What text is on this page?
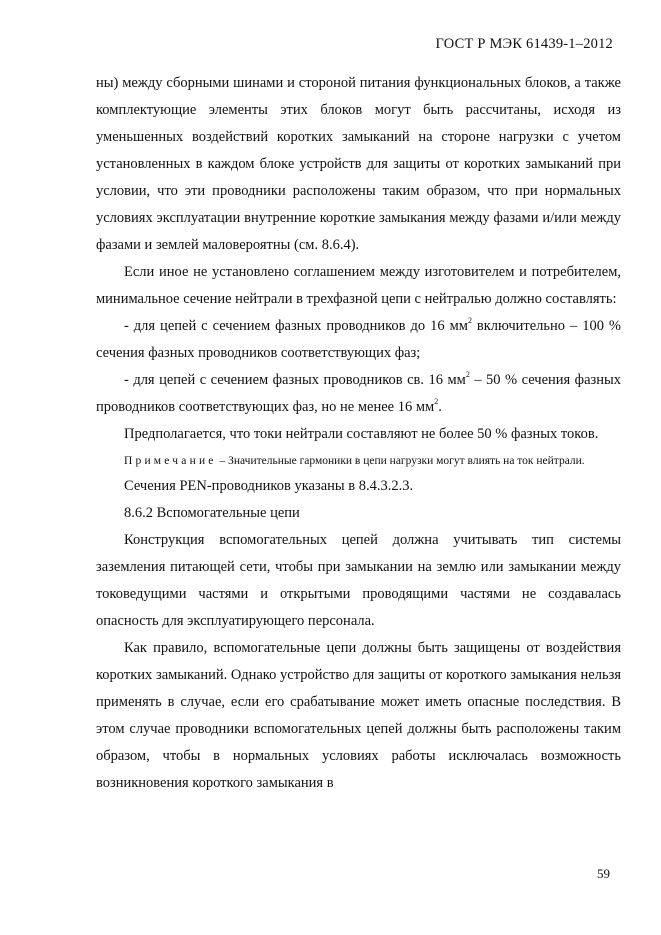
ГОСТ Р МЭК 61439-1–2012

ны) между сборными шинами и стороной питания функциональных блоков, а также комплектующие элементы этих блоков могут быть рассчитаны, исходя из уменьшенных воздействий коротких замыканий на стороне нагрузки с учетом установленных в каждом блоке устройств для защиты от коротких замыканий при условии, что эти проводники расположены таким образом, что при нормальных условиях эксплуатации внутренние короткие замыкания между фазами и/или между фазами и землей маловероятны (см. 8.6.4).

Если иное не установлено соглашением между изготовителем и потребителем, минимальное сечение нейтрали в трехфазной цепи с нейтралью должно составлять:

- для цепей с сечением фазных проводников до 16 $мм^2$ включительно – 100 % сечения фазных проводников соответствующих фаз;

- для цепей с сечением фазных проводников св. 16 $мм^2 - 50$ % сечения фазных проводников соответствующих фаз, но не менее 16 $мм^2$.

Предполагается, что токи нейтрали составляют не более 50 % фазных токов.

Примечание – Значительные гармоники в цепи нагрузки могут влиять на ток нейтрали.

Сечения PEN-проводников указаны в 8.4.3.2.3.

8.6.2 Вспомогательные цепи

Конструкция вспомогательных цепей должна учитывать тип системы заземления питающей сети, чтобы при замыкании на землю или замыкании между токоведущими частями и открытыми проводящими частями не создавалась опасность для эксплуатирующего персонала.

Как правило, вспомогательные цепи должны быть защищены от воздействия коротких замыканий. Однако устройство для защиты от короткого замыкания нельзя применять в случае, если его срабатывание может иметь опасные последствия. В этом случае проводники вспомогательных цепей должны быть расположены таким образом, чтобы в нормальных условиях работы исключалась возможность возникновения короткого замыкания в

59
